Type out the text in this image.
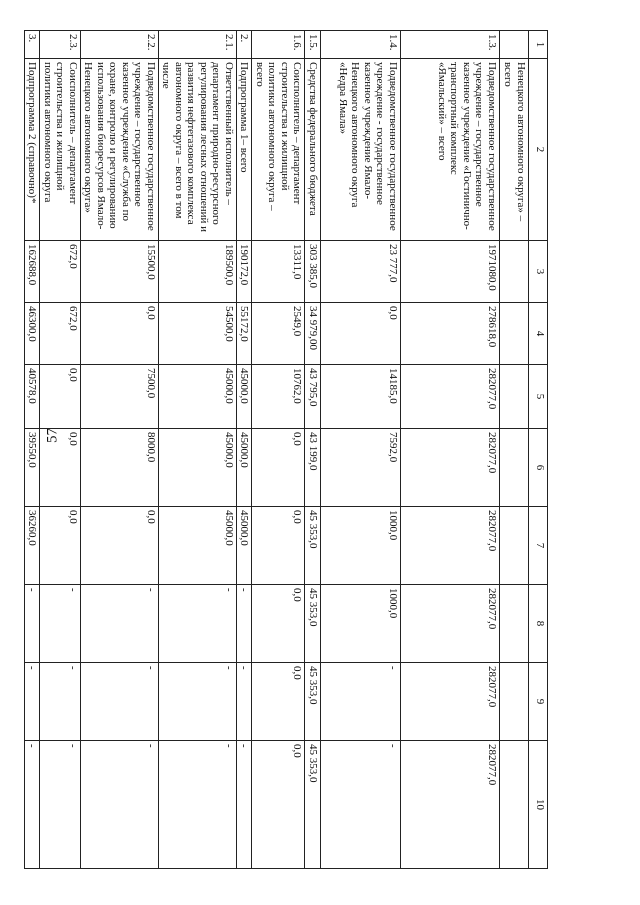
57
1	2	3	4	5	6	7	8	9	10
	Ненецкого автономного округа» – всего								
1.3.	Подведомственное государственное учреждение – государственное казенное учреждение «Гостинично-транспортный комплекс «Ямальский» – всего	1971080,0	278618,0	282077,0	282077,0	282077,0	282077,0	282077,0	282077,0
1.4.	Подведомственное государственное учреждение - государственное казенное учреждение Ямало-Ненецкого автономного округа «Недра Ямала»	23 777,0	0,0	14185,0	7592,0	1000,0	1000,0	-	-
1.5.	Средства федерального бюджета	303 385,0	34 979,00	43 795,0	43 199,0	45 353,0	45 353,0	45 353,0	45 353,0
1.6.	Соисполнитель – департамент строительства и жилищной политики автономного округа – всего	13311,0	2549,0	10762,0	0,0	0,0	0,0	0,0	0,0
2.	Подпрограмма 1– всего	190172,0	55172,0	45000,0	45000,0	45000,0	-	-	-
2.1.	Ответственный исполнитель – департамент природно-ресурсного регулирования лесных отношений и развития нефтегазового комплекса автономного округа – всего в том числе	189500,0	54500,0	45000,0	45000,0	45000,0	-	-	-
2.2.	Подведомственное государственное учреждение – государственное казенное учреждение «Служба по охране, контролю и регулированию использования биоресурсов Ямало-Ненецкого автономного округа»	15500,0	0,0	7500,0	8000,0	0,0	-	-	-
2.3.	Соисполнитель – департамент строительства и жилищной политики автономного округа	672,0	672,0	0,0	0,0	0,0	-	-	-
3.	Подпрограмма 2 (справочно)*	162688,0	46300,0	40578,0	39550,0	36260,0	-	-	-
